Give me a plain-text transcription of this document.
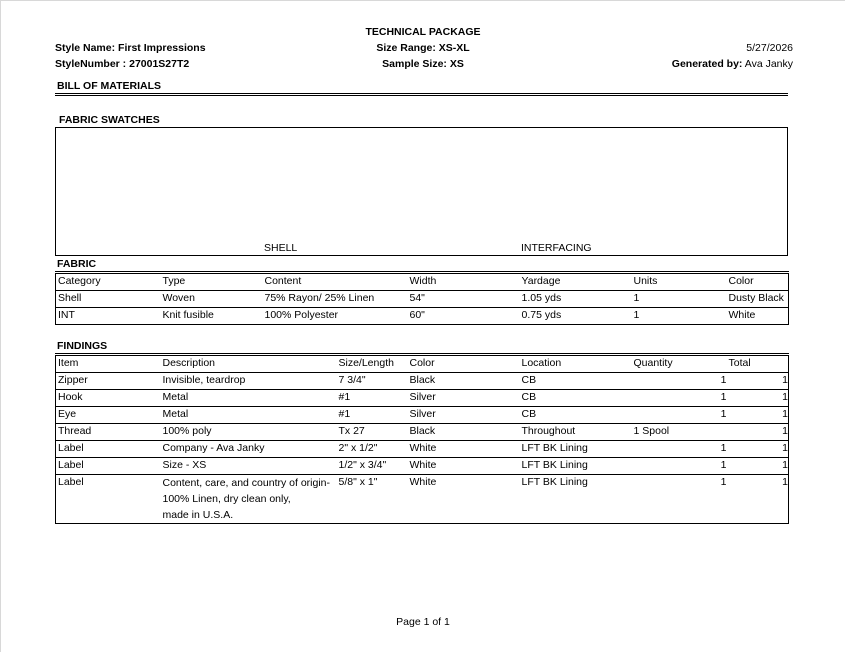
TECHNICAL PACKAGE
Style Name: First Impressions
StyleNumber : 27001S27T2
Size Range: XS-XL
Sample Size: XS
5/27/2026
Generated by: Ava Janky
BILL OF MATERIALS
FABRIC SWATCHES
SHELL	INTERFACING
FABRIC
Category	Type	Content	Width	Yardage	Units	Color
Shell	Woven	75% Rayon/ 25% Linen	54"	1.05 yds	1	Dusty Black
INT	Knit fusible	100% Polyester	60"	0.75 yds	1	White
FINDINGS
Item	Description	Size/Length	Color	Location	Quantity	Total
Zipper	Invisible, teardrop	7 3/4"	Black	CB	1	1
Hook	Metal	#1	Silver	CB	1	1
Eye	Metal	#1	Silver	CB	1	1
Thread	100% poly	Tx 27	Black	Throughout	1 Spool	1
Label	Company - Ava Janky	2" x 1/2"	White	LFT BK Lining	1	1
Label	Size - XS	1/2" x 3/4"	White	LFT BK Lining	1	1
Label	Content, care, and country of origin-
100% Linen, dry clean only,
made in U.S.A.	5/8" x 1"	White	LFT BK Lining	1	1
Page 1 of 1
